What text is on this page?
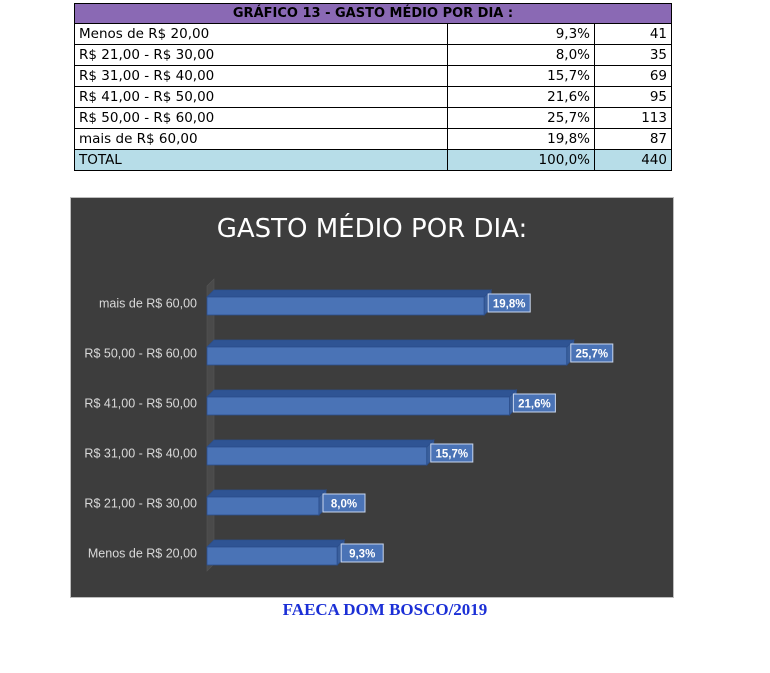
GRÁFICO 13 - GASTO MÉDIO POR DIA :		
Menos de R$ 20,00	9,3%	41
R$ 21,00 - R$ 30,00	8,0%	35
R$ 31,00 - R$ 40,00	15,7%	69
R$ 41,00 - R$ 50,00	21,6%	95
R$ 50,00 - R$ 60,00	25,7%	113
mais de R$ 60,00	19,8%	87
TOTAL	100,0%	440
GASTO MÉDIO POR DIA:
mais de R$ 60,00	19,8%
R$ 50,00 - R$ 60,00	25,7%
R$ 41,00 - R$ 50,00	21,6%
R$ 31,00 - R$ 40,00	15,7%
R$ 21,00 - R$ 30,00	8,0%
Menos de R$ 20,00	9,3%
FAECA DOM BOSCO/2019
